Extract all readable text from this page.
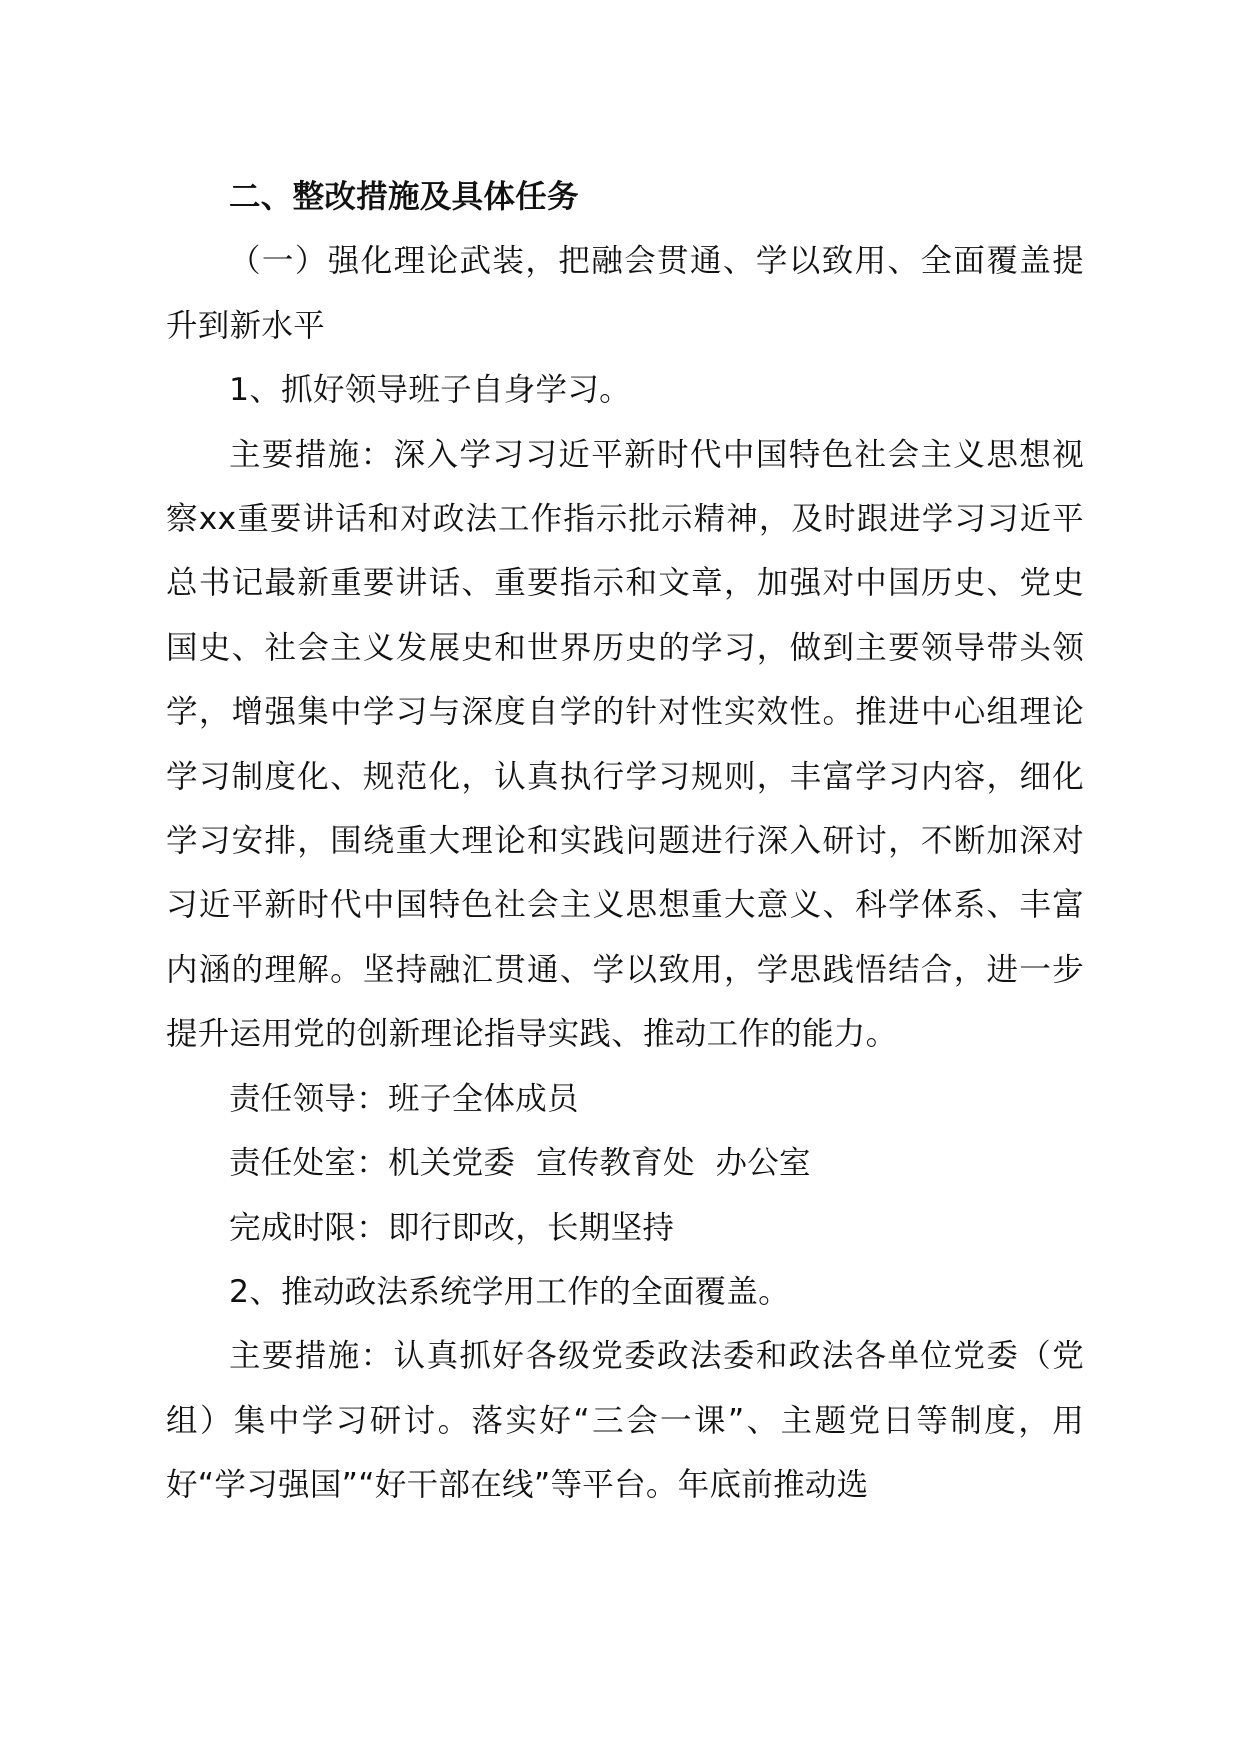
二、整改措施及具体任务

（一）强化理论武装，把融会贯通、学以致用、全面覆盖提升到新水平

1、抓好领导班子自身学习。

主要措施：深入学习习近平新时代中国特色社会主义思想视察xx重要讲话和对政法工作指示批示精神，及时跟进学习习近平总书记最新重要讲话、重要指示和文章，加强对中国历史、党史国史、社会主义发展史和世界历史的学习，做到主要领导带头领学，增强集中学习与深度自学的针对性实效性。推进中心组理论学习制度化、规范化，认真执行学习规则，丰富学习内容，细化学习安排，围绕重大理论和实践问题进行深入研讨，不断加深对习近平新时代中国特色社会主义思想重大意义、科学体系、丰富内涵的理解。坚持融汇贯通、学以致用，学思践悟结合，进一步提升运用党的创新理论指导实践、推动工作的能力。

责任领导：班子全体成员

责任处室：机关党委  宣传教育处  办公室

完成时限：即行即改，长期坚持

2、推动政法系统学用工作的全面覆盖。

主要措施：认真抓好各级党委政法委和政法各单位党委（党组）集中学习研讨。落实好“三会一课”、主题党日等制度，用好“学习强国”“好干部在线”等平台。年底前推动选
